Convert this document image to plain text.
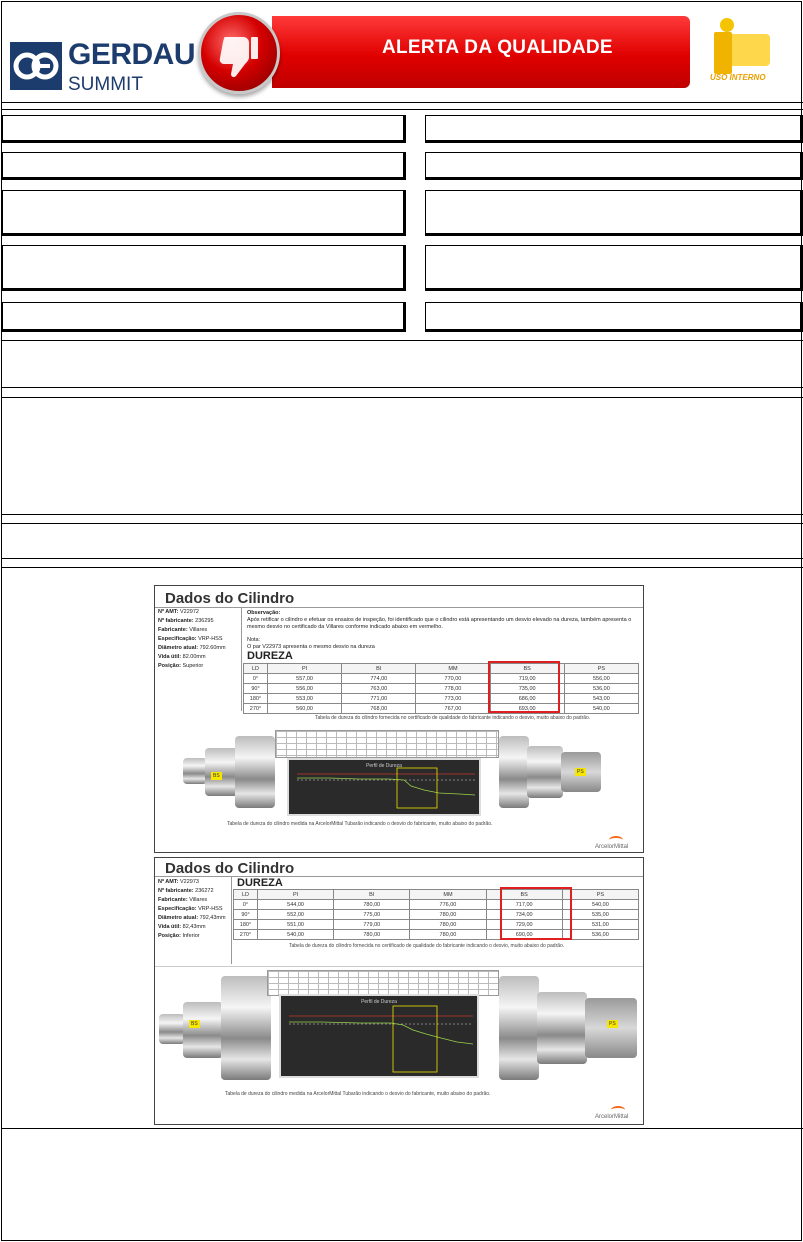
GERDAU
SUMMIT
ALERTA DA QUALIDADE
USO INTERNO
Dados do Cilindro
Nº AMT: V22972
Nº fabricante: 236295
Fabricante: Villares
Especificação: VRP-HSS
Diâmetro atual: 792.60mm
Vida útil: 82.00mm
Posição: Superior
Observação:
Após retificar o cilindro e efetuar os ensaios de inspeção, foi identificado que o cilindro está apresentando um desvio elevado na dureza, também apresenta o mesmo desvio no certificado da Villares conforme indicado abaixo em vermelho.
Nota:
O par V22973 apresenta o mesmo desvio na dureza
DUREZA
LD	PI	BI	MM	BS	PS
0°	557,00	774,00	770,00	719,00	556,00
90°	556,00	763,00	778,00	735,00	536,00
180°	553,00	771,00	773,00	686,00	543,00
270°	560,00	768,00	767,00	693,00	540,00
Tabela de dureza do cilindro fornecida no certificado de qualidade do fabricante indicando o desvio, muito abaixo do padrão.
Perfil de Dureza
BS
PS
Tabela de dureza do cilindro medida na ArcelorMittal Tubarão indicando o desvio do fabricante, muito abaixo do padrão.
ArcelorMittal
Dados do Cilindro
Nº AMT: V22973
Nº fabricante: 236272
Fabricante: Villares
Especificação: VRP-HSS
Diâmetro atual: 792,43mm
Vida útil: 82,43mm
Posição: Inferior
DUREZA
LD	PI	BI	MM	BS	PS
0°	544,00	780,00	776,00	717,00	540,00
90°	552,00	775,00	780,00	734,00	535,00
180°	551,00	779,00	780,00	729,00	531,00
270°	540,00	780,00	780,00	690,00	536,00
Tabela de dureza do cilindro fornecida no certificado de qualidade do fabricante indicando o desvio, muito abaixo do padrão.
Perfil de Dureza
BS	PS
Tabela de dureza do cilindro medida na ArcelorMittal Tubarão indicando o desvio do fabricante, muito abaixo do padrão.
ArcelorMittal
